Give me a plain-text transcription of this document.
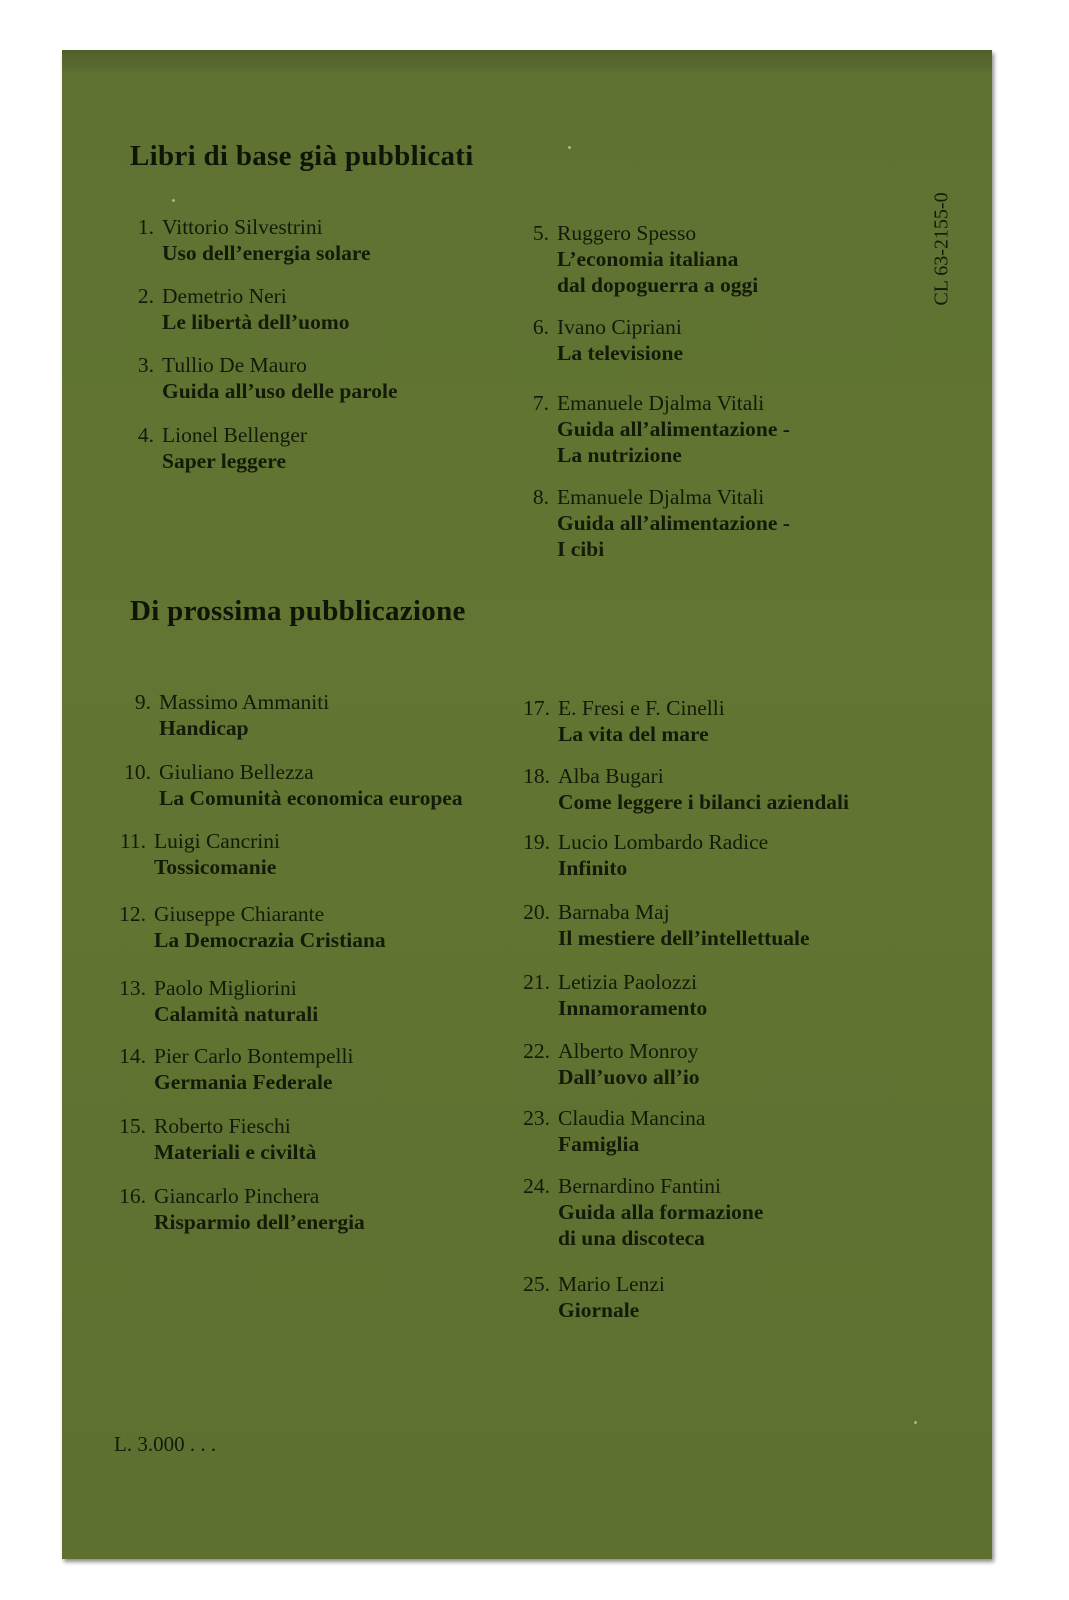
Libri di base già pubblicati
CL 63-2155-0
1. Vittorio Silvestrini
Uso dell’energia solare
2. Demetrio Neri
Le libertà dell’uomo
3. Tullio De Mauro
Guida all’uso delle parole
4. Lionel Bellenger
Saper leggere
5. Ruggero Spesso
L’economia italiana
dal dopoguerra a oggi
6. Ivano Cipriani
La televisione
7. Emanuele Djalma Vitali
Guida all’alimentazione -
La nutrizione
8. Emanuele Djalma Vitali
Guida all’alimentazione -
I cibi
Di prossima pubblicazione
9. Massimo Ammaniti
Handicap
10. Giuliano Bellezza
La Comunità economica europea
11. Luigi Cancrini
Tossicomanie
12. Giuseppe Chiarante
La Democrazia Cristiana
13. Paolo Migliorini
Calamità naturali
14. Pier Carlo Bontempelli
Germania Federale
15. Roberto Fieschi
Materiali e civiltà
16. Giancarlo Pinchera
Risparmio dell’energia
17. E. Fresi e F. Cinelli
La vita del mare
18. Alba Bugari
Come leggere i bilanci aziendali
19. Lucio Lombardo Radice
Infinito
20. Barnaba Maj
Il mestiere dell’intellettuale
21. Letizia Paolozzi
Innamoramento
22. Alberto Monroy
Dall’uovo all’io
23. Claudia Mancina
Famiglia
24. Bernardino Fantini
Guida alla formazione
di una discoteca
25. Mario Lenzi
Giornale
L. 3.000 . . .
